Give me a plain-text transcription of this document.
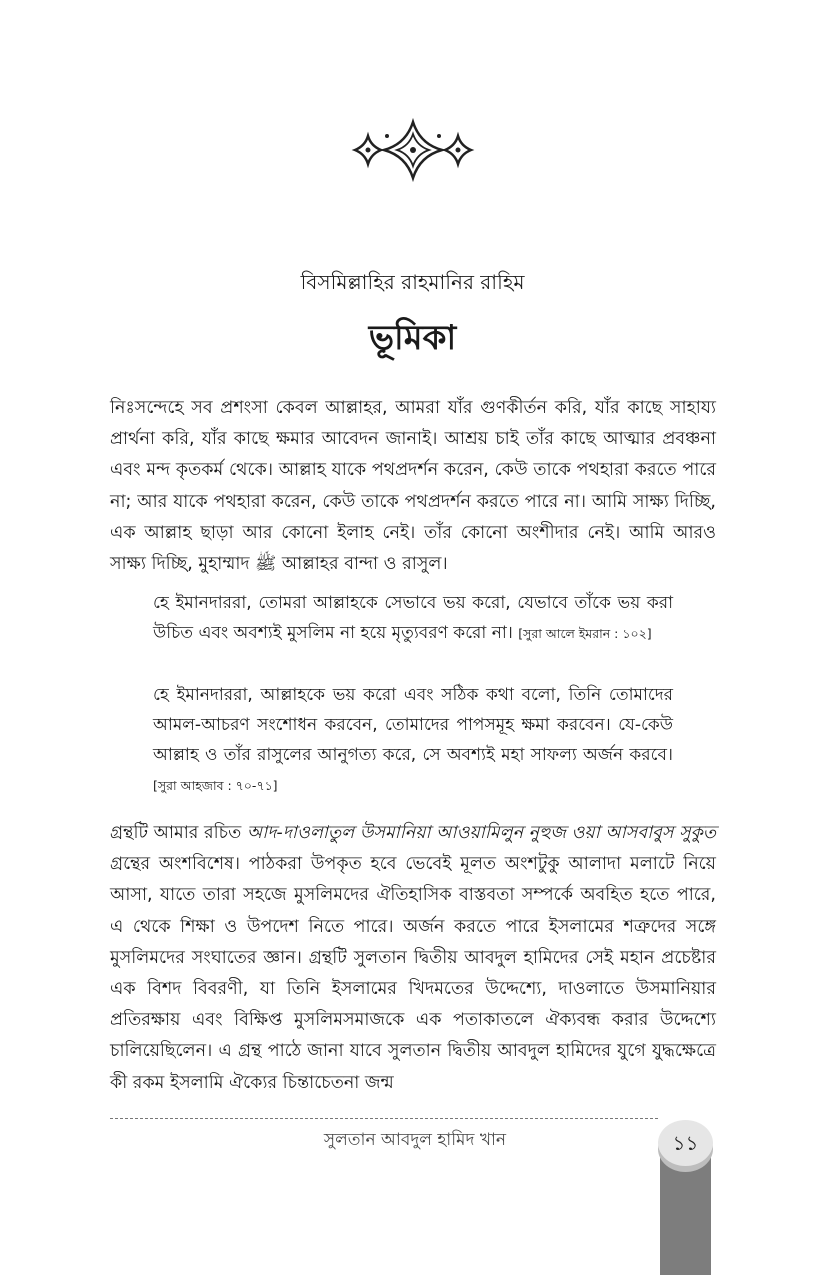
বিসমিল্লাহির রাহমানির রাহিম
ভূমিকা
নিঃসন্দেহে সব প্রশংসা কেবল আল্লাহর, আমরা যাঁর গুণকীর্তন করি, যাঁর কাছে সাহায্য প্রার্থনা করি, যাঁর কাছে ক্ষমার আবেদন জানাই। আশ্রয় চাই তাঁর কাছে আত্মার প্রবঞ্চনা এবং মন্দ কৃতকর্ম থেকে। আল্লাহ যাকে পথপ্রদর্শন করেন, কেউ তাকে পথহারা করতে পারে না; আর যাকে পথহারা করেন, কেউ তাকে পথপ্রদর্শন করতে পারে না। আমি সাক্ষ্য দিচ্ছি, এক আল্লাহ ছাড়া আর কোনো ইলাহ নেই। তাঁর কোনো অংশীদার নেই। আমি আরও সাক্ষ্য দিচ্ছি, মুহাম্মাদ ﷺ আল্লাহর বান্দা ও রাসুল।
হে ইমানদাররা, তোমরা আল্লাহকে সেভাবে ভয় করো, যেভাবে তাঁকে ভয় করা উচিত এবং অবশ্যই মুসলিম না হয়ে মৃত্যুবরণ করো না। [সুরা আলে ইমরান : ১০২]
হে ইমানদাররা, আল্লাহকে ভয় করো এবং সঠিক কথা বলো, তিনি তোমাদের আমল-আচরণ সংশোধন করবেন, তোমাদের পাপসমূহ ক্ষমা করবেন। যে-কেউ আল্লাহ ও তাঁর রাসুলের আনুগত্য করে, সে অবশ্যই মহা সাফল্য অর্জন করবে। [সুরা আহজাব : ৭০-৭১]
গ্রন্থটি আমার রচিত আদ-দাওলাতুল উসমানিয়া আওয়ামিলুন নুহুজ ওয়া আসবাবুস সুকুত গ্রন্থের অংশবিশেষ। পাঠকরা উপকৃত হবে ভেবেই মূলত অংশটুকু আলাদা মলাটে নিয়ে আসা, যাতে তারা সহজে মুসলিমদের ঐতিহাসিক বাস্তবতা সম্পর্কে অবহিত হতে পারে, এ থেকে শিক্ষা ও উপদেশ নিতে পারে। অর্জন করতে পারে ইসলামের শত্রুদের সঙ্গে মুসলিমদের সংঘাতের জ্ঞান। গ্রন্থটি সুলতান দ্বিতীয় আবদুল হামিদের সেই মহান প্রচেষ্টার এক বিশদ বিবরণী, যা তিনি ইসলামের খিদমতের উদ্দেশ্যে, দাওলাতে উসমানিয়ার প্রতিরক্ষায় এবং বিক্ষিপ্ত মুসলিমসমাজকে এক পতাকাতলে ঐক্যবন্ধ করার উদ্দেশ্যে চালিয়েছিলেন। এ গ্রন্থ পাঠে জানা যাবে সুলতান দ্বিতীয় আবদুল হামিদের যুগে যুদ্ধক্ষেত্রে কী রকম ইসলামি ঐক্যের চিন্তাচেতনা জন্ম
সুলতান আবদুল হামিদ খান	১১
